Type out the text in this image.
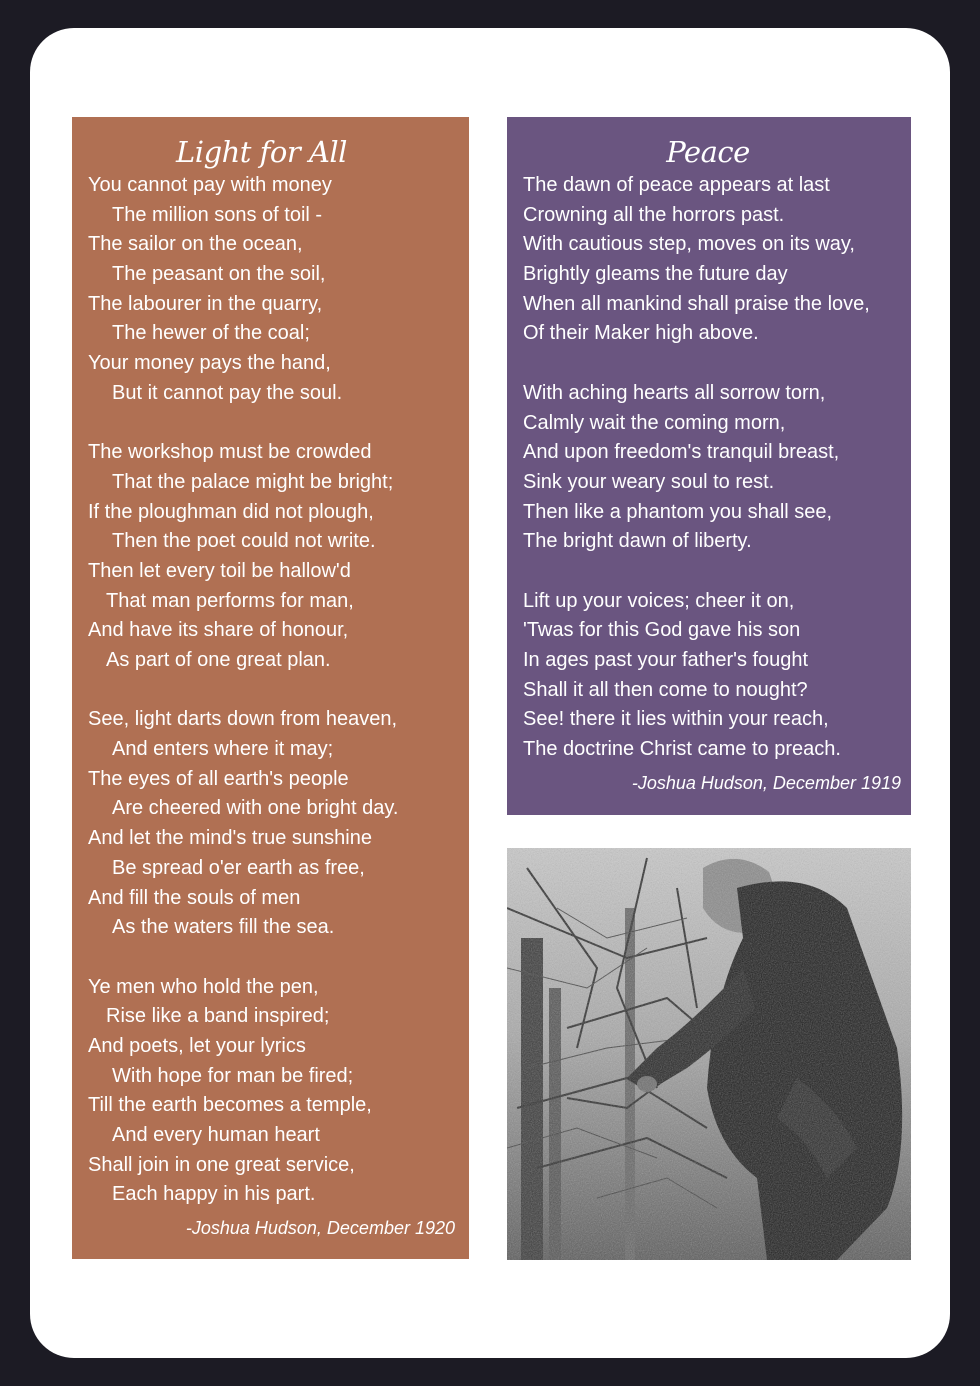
Light for All
You cannot pay with money
The million sons of toil -
The sailor on the ocean,
The peasant on the soil,
The labourer in the quarry,
The hewer of the coal;
Your money pays the hand,
But it cannot pay the soul.
The workshop must be crowded
That the palace might be bright;
If the ploughman did not plough,
Then the poet could not write.
Then let every toil be hallow'd
That man performs for man,
And have its share of honour,
As part of one great plan.
See, light darts down from heaven,
And enters where it may;
The eyes of all earth's people
Are cheered with one bright day.
And let the mind's true sunshine
Be spread o'er earth as free,
And fill the souls of men
As the waters fill the sea.
Ye men who hold the pen,
Rise like a band inspired;
And poets, let your lyrics
With hope for man be fired;
Till the earth becomes a temple,
And every human heart
Shall join in one great service,
Each happy in his part.
-Joshua Hudson, December 1920
Peace
The dawn of peace appears at last
Crowning all the horrors past.
With cautious step, moves on its way,
Brightly gleams the future day
When all mankind shall praise the love,
Of their Maker high above.
With aching hearts all sorrow torn,
Calmly wait the coming morn,
And upon freedom's tranquil breast,
Sink your weary soul to rest.
Then like a phantom you shall see,
The bright dawn of liberty.
Lift up your voices; cheer it on,
'Twas for this God gave his son
In ages past your father's fought
Shall it all then come to nought?
See! there it lies within your reach,
The doctrine Christ came to preach.
-Joshua Hudson, December 1919
